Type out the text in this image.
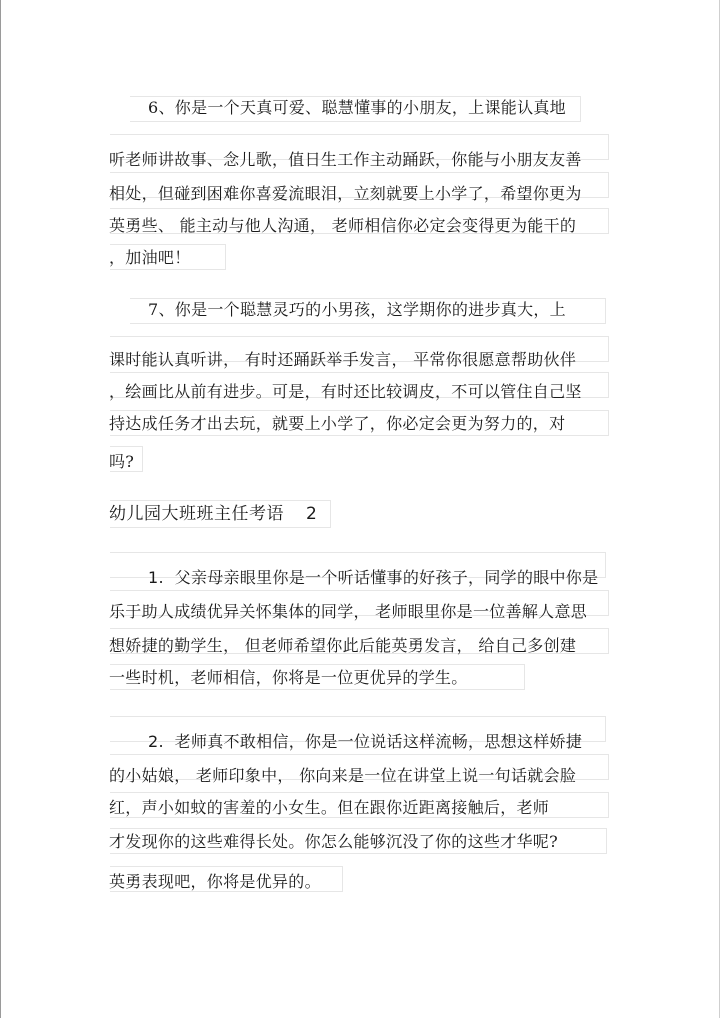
6、你是一个天真可爱、聪慧懂事的小朋友，上课能认真地
听老师讲故事、念儿歌，值日生工作主动踊跃，你能与小朋友友善
相处，但碰到困难你喜爱流眼泪，立刻就要上小学了，希望你更为
英勇些、 能主动与他人沟通， 老师相信你必定会变得更为能干的
，加油吧！
7、你是一个聪慧灵巧的小男孩，这学期你的进步真大，上
课时能认真听讲， 有时还踊跃举手发言， 平常你很愿意帮助伙伴
，绘画比从前有进步。可是，有时还比较调皮，不可以管住自己坚
持达成任务才出去玩，就要上小学了，你必定会更为努力的，对
吗?
幼儿园大班班主任考语 2
1. 父亲母亲眼里你是一个听话懂事的好孩子，同学的眼中你是
乐于助人成绩优异关怀集体的同学， 老师眼里你是一位善解人意思
想娇捷的勤学生， 但老师希望你此后能英勇发言， 给自己多创建
一些时机，老师相信，你将是一位更优异的学生。
2. 老师真不敢相信，你是一位说话这样流畅，思想这样娇捷
的小姑娘， 老师印象中， 你向来是一位在讲堂上说一句话就会脸
红，声小如蚊的害羞的小女生。但在跟你近距离接触后，老师
才发现你的这些难得长处。你怎么能够沉没了你的这些才华呢?
英勇表现吧，你将是优异的。
